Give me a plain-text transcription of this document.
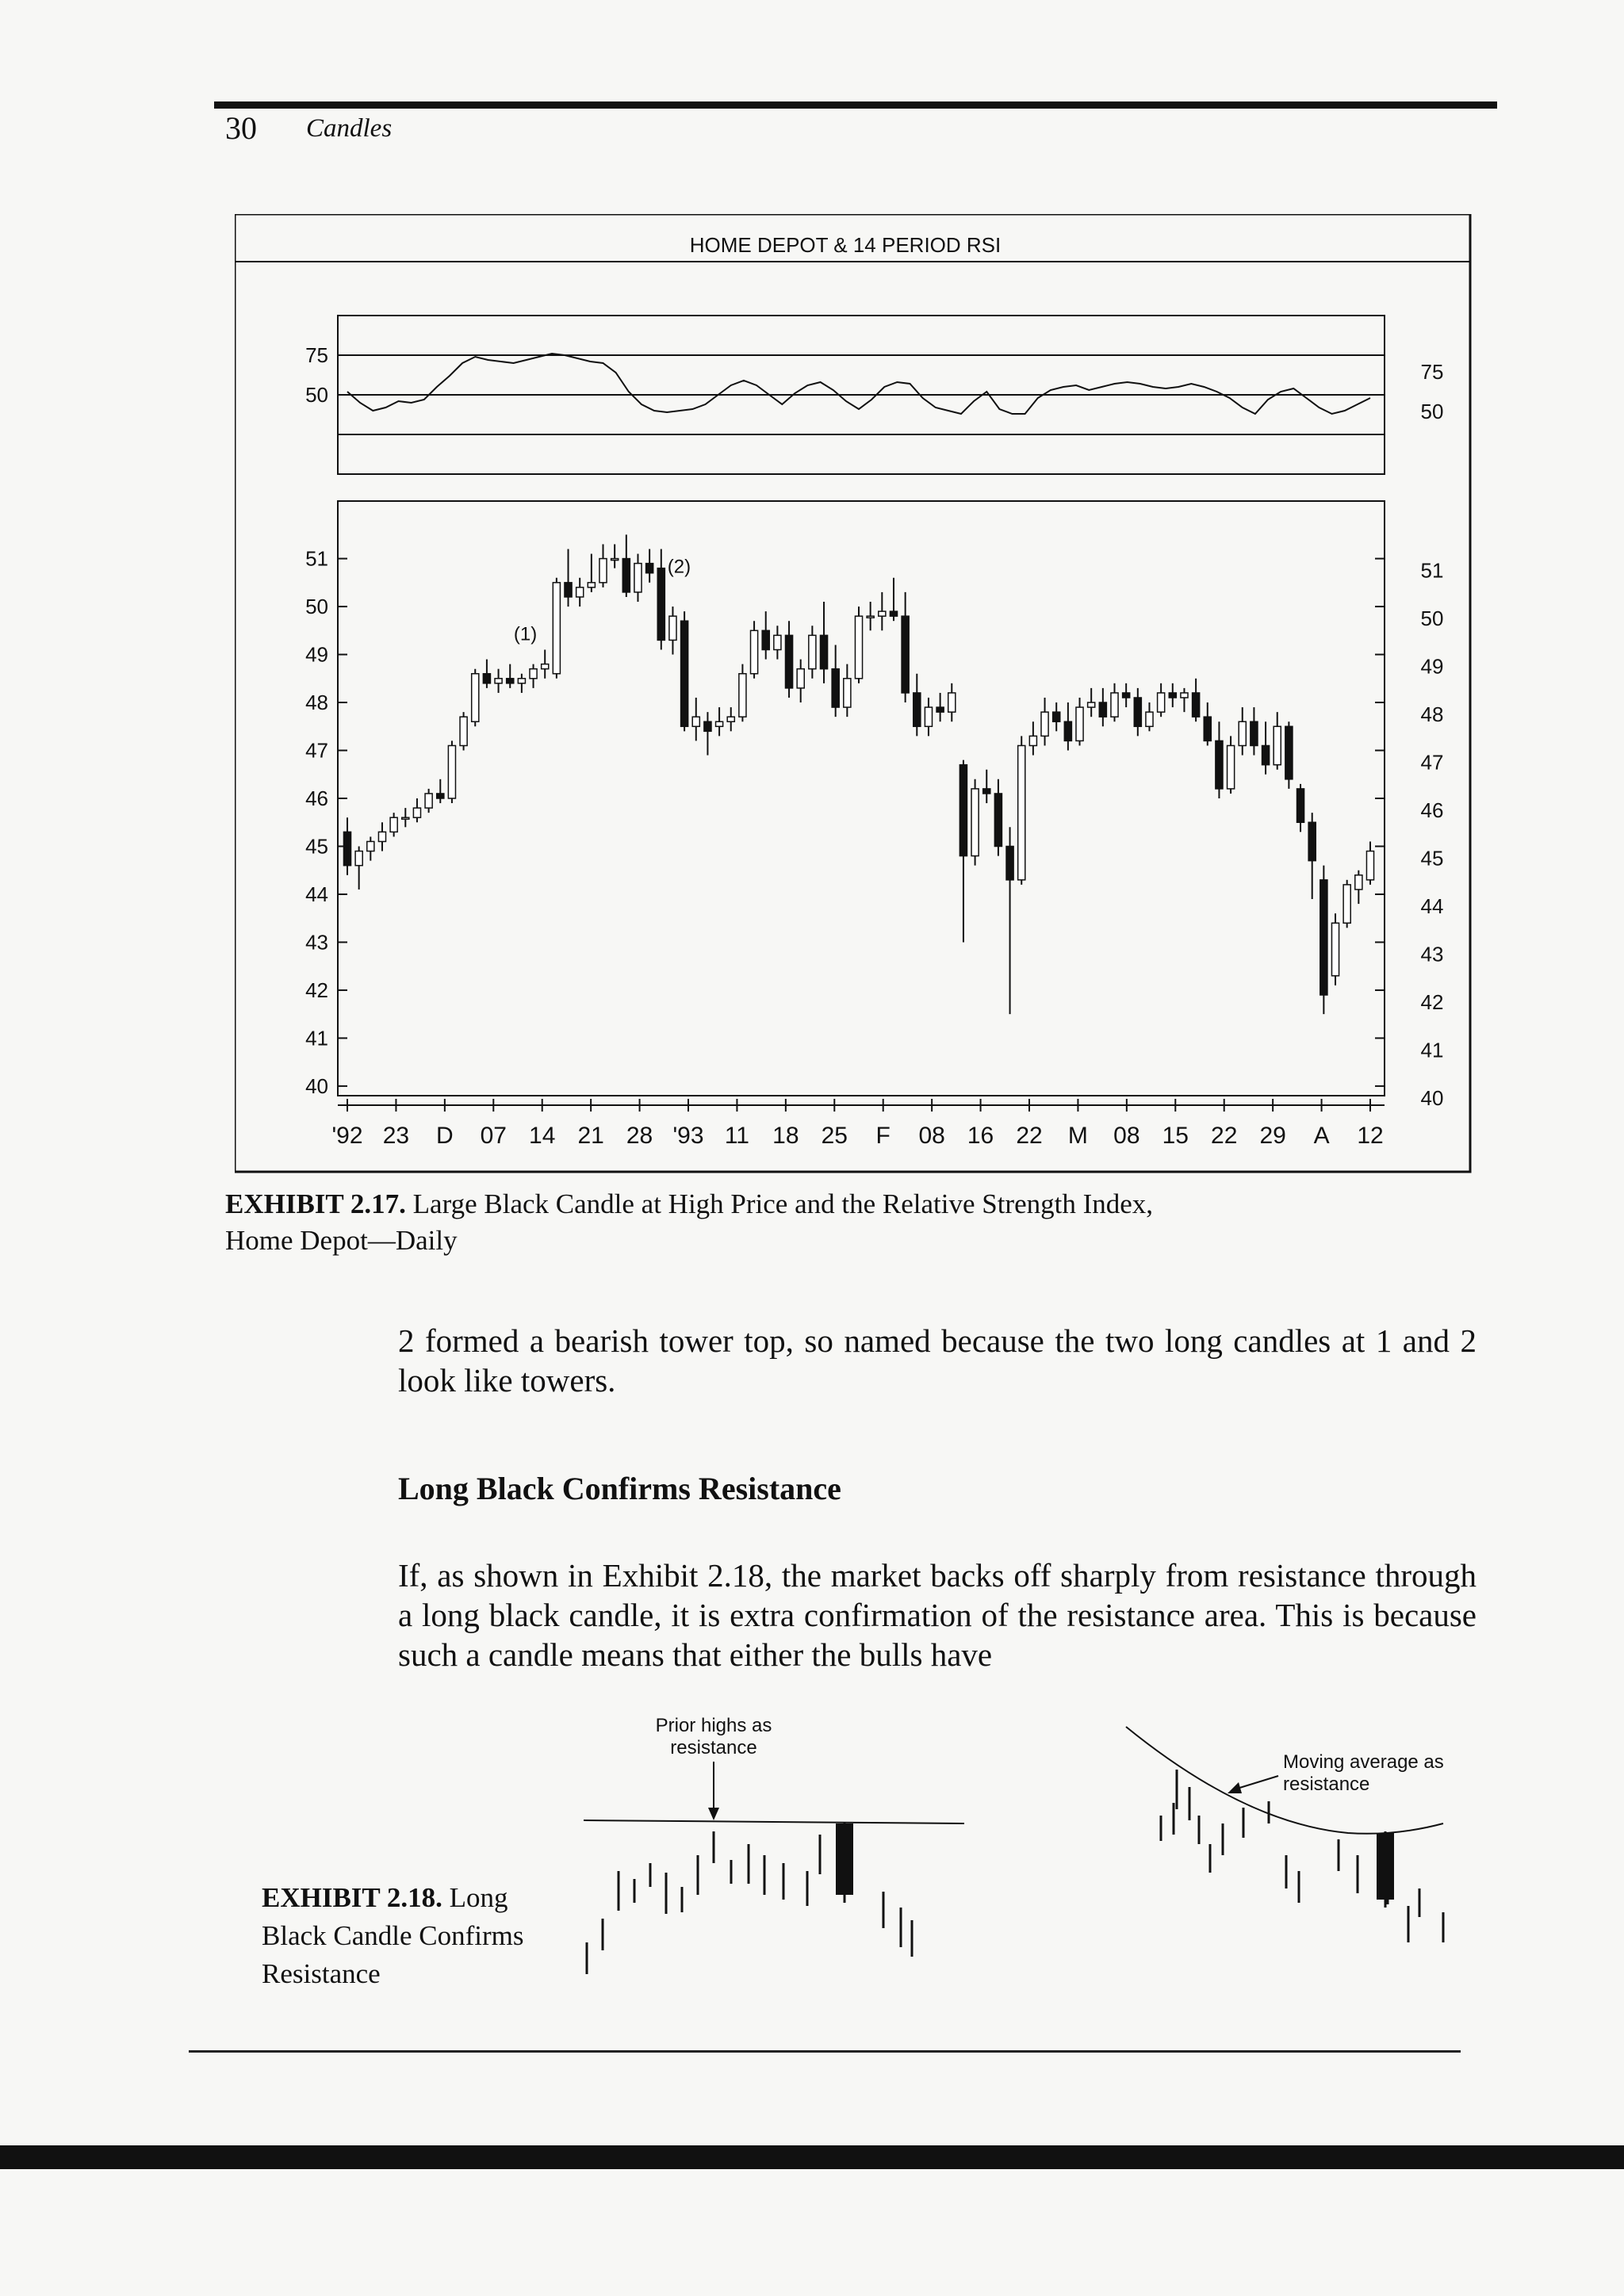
30 Candles
HOME DEPOT & 14 PERIOD RSI
75
75
50
50
51	51
50	50
49	49
48	48
47	47
46	46
45	45
44	44
43	43
42	42
41	41
40	40
'92 23 D 07 14 21 28 '93 11 18 25 F 08 16 22 M 08 15 22 29 A 12
(1)
(2)
EXHIBIT 2.17. Large Black Candle at High Price and the Relative Strength Index,
Home Depot—Daily
2 formed a bearish tower top, so named because the two long candles at 1 and 2 look like towers.
Long Black Confirms Resistance
If, as shown in Exhibit 2.18, the market backs off sharply from resistance through a long black candle, it is extra confirmation of the resistance area. This is because such a candle means that either the bulls have
Prior highs as
resistance
Moving average as
resistance
EXHIBIT 2.18. Long
Black Candle Confirms
Resistance
